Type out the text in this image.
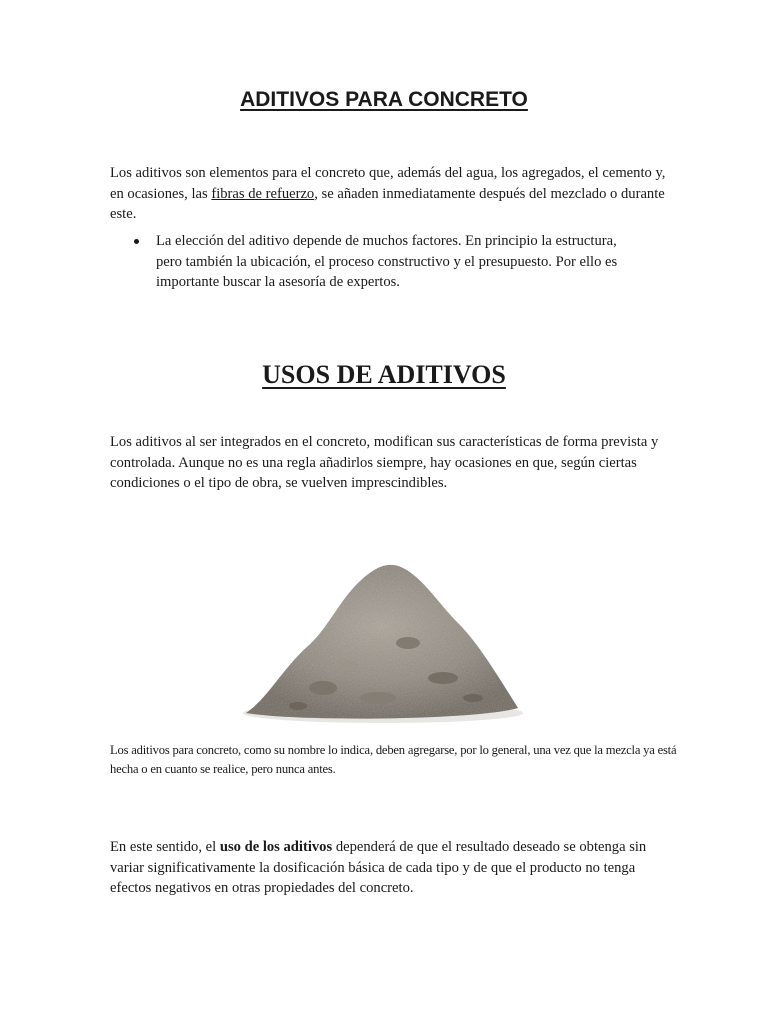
ADITIVOS PARA CONCRETO

Los aditivos son elementos para el concreto que, además del agua, los agregados, el cemento y, en ocasiones, las fibras de refuerzo, se añaden inmediatamente después del mezclado o durante este.

La elección del aditivo depende de muchos factores. En principio la estructura, pero también la ubicación, el proceso constructivo y el presupuesto. Por ello es importante buscar la asesoría de expertos.
USOS DE ADITIVOS

Los aditivos al ser integrados en el concreto, modifican sus características de forma prevista y controlada. Aunque no es una regla añadirlos siempre, hay ocasiones en que, según ciertas condiciones o el tipo de obra, se vuelven imprescindibles.

Los aditivos para concreto, como su nombre lo indica, deben agregarse, por lo general, una vez que la mezcla ya está hecha o en cuanto se realice, pero nunca antes.

En este sentido, el uso de los aditivos dependerá de que el resultado deseado se obtenga sin variar significativamente la dosificación básica de cada tipo y de que el producto no tenga efectos negativos en otras propiedades del concreto.
